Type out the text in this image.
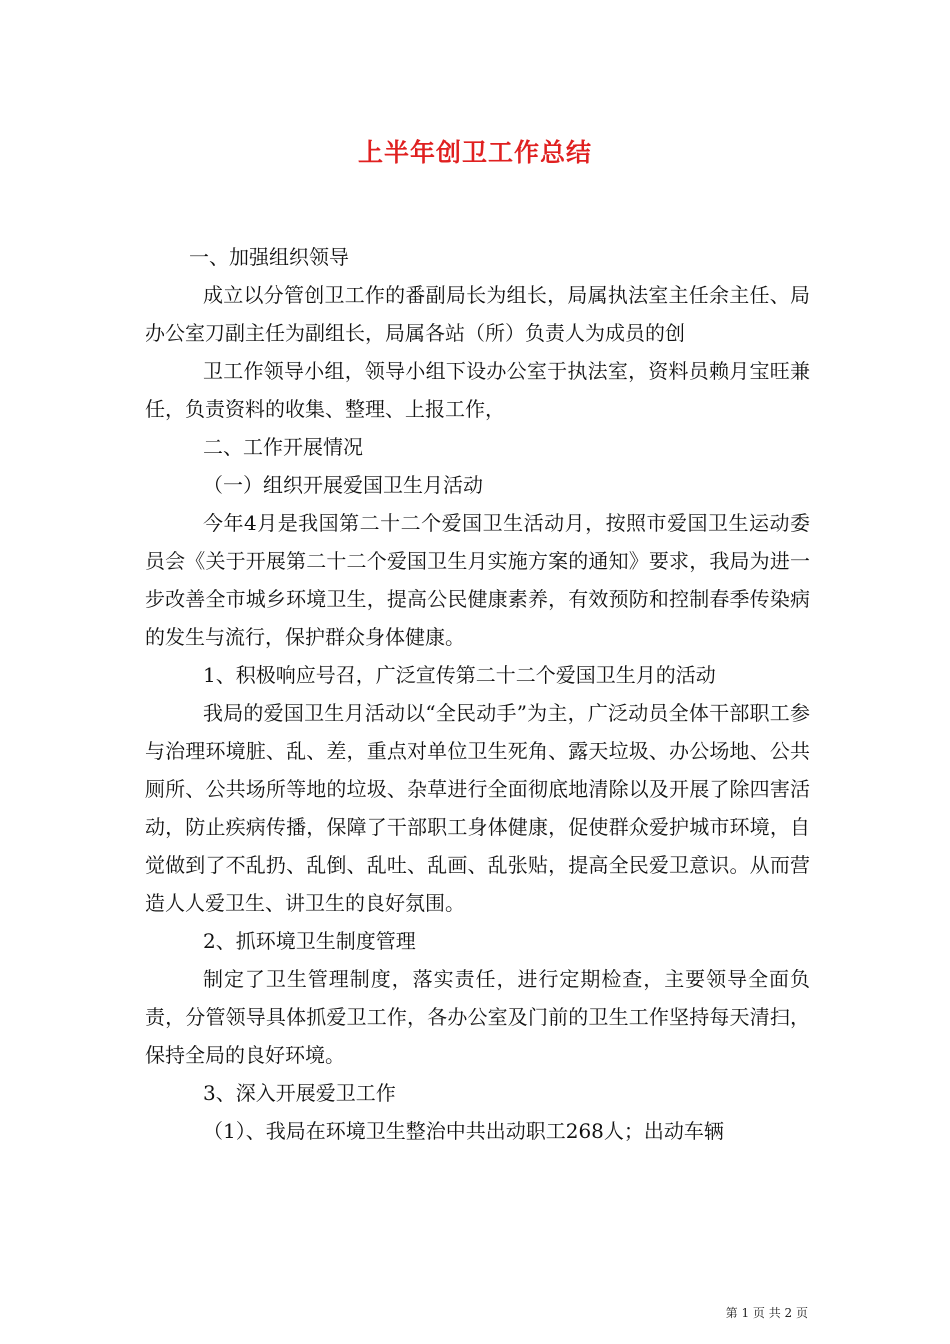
上半年创卫工作总结

一、加强组织领导

成立以分管创卫工作的番副局长为组长，局属执法室主任余主任、局办公室刀副主任为副组长，局属各站（所）负责人为成员的创

卫工作领导小组，领导小组下设办公室于执法室，资料员赖月宝旺兼任，负责资料的收集、整理、上报工作，

二、工作开展情况

（一）组织开展爱国卫生月活动

今年4月是我国第二十二个爱国卫生活动月，按照市爱国卫生运动委员会《关于开展第二十二个爱国卫生月实施方案的通知》要求，我局为进一步改善全市城乡环境卫生，提高公民健康素养，有效预防和控制春季传染病的发生与流行，保护群众身体健康。

1、积极响应号召，广泛宣传第二十二个爱国卫生月的活动

我局的爱国卫生月活动以“全民动手”为主，广泛动员全体干部职工参与治理环境脏、乱、差，重点对单位卫生死角、露天垃圾、办公场地、公共厕所、公共场所等地的垃圾、杂草进行全面彻底地清除以及开展了除四害活动，防止疾病传播，保障了干部职工身体健康，促使群众爱护城市环境，自觉做到了不乱扔、乱倒、乱吐、乱画、乱张贴，提高全民爱卫意识。从而营造人人爱卫生、讲卫生的良好氛围。

2、抓环境卫生制度管理

制定了卫生管理制度，落实责任，进行定期检查，主要领导全面负责，分管领导具体抓爱卫工作，各办公室及门前的卫生工作坚持每天清扫，保持全局的良好环境。

3、深入开展爱卫工作

（1）、我局在环境卫生整治中共出动职工268人；出动车辆

第 1 页 共 2 页
